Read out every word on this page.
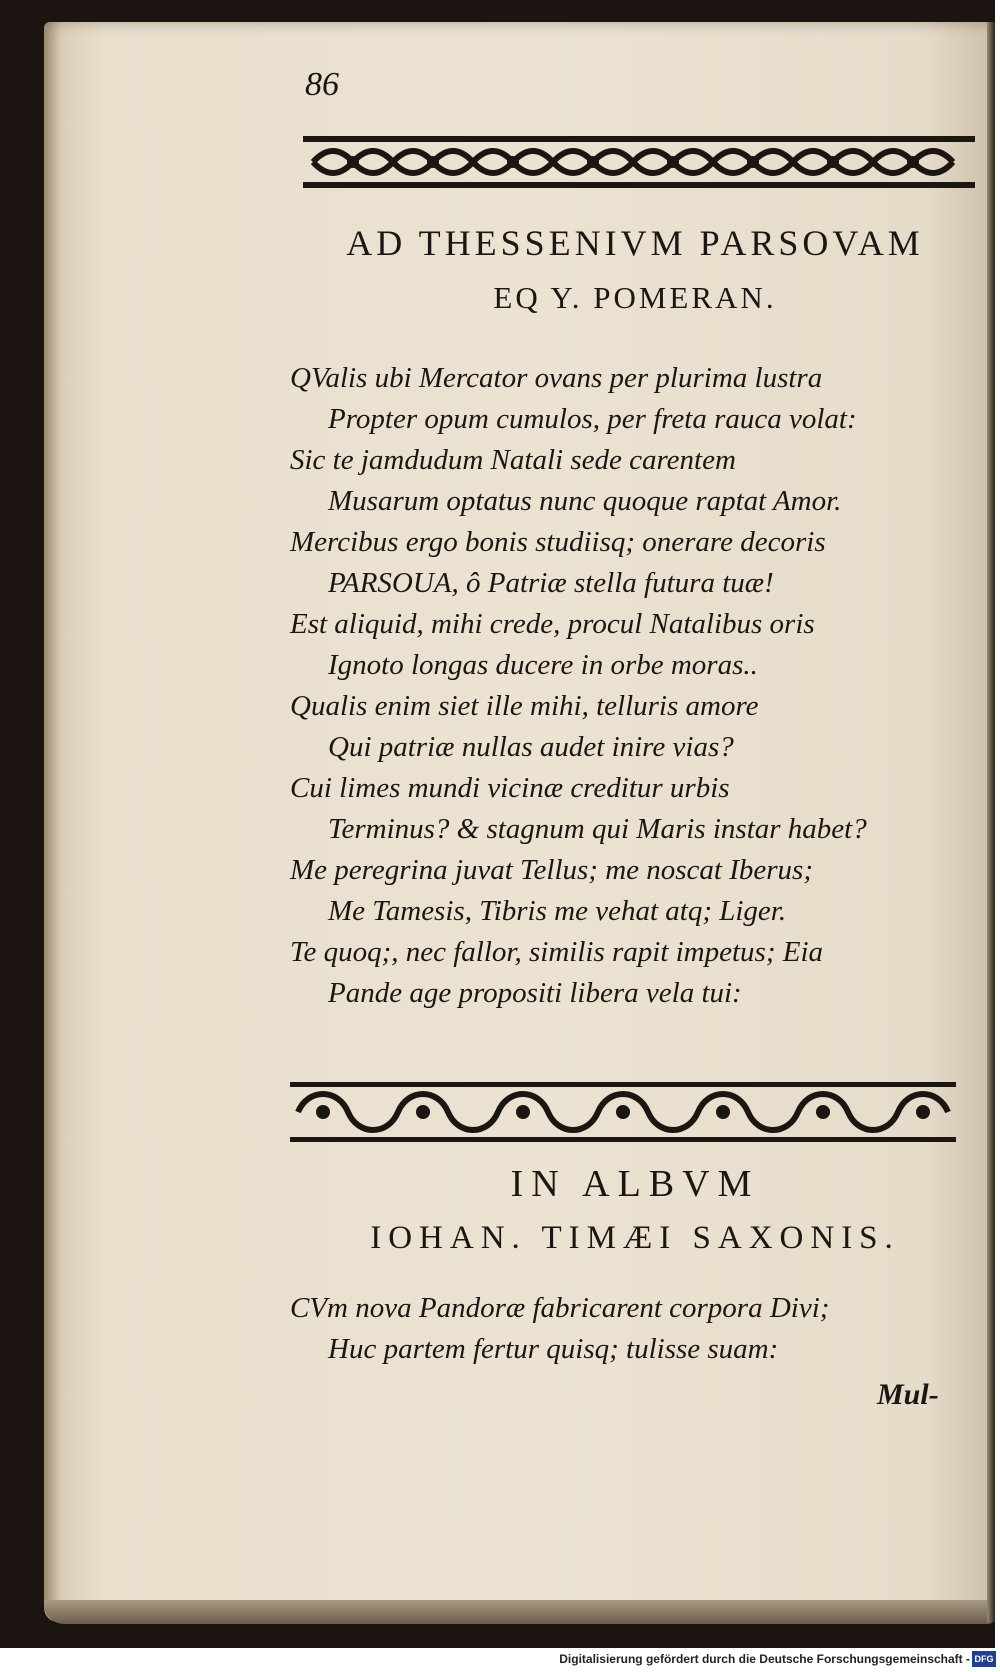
86
AD THESSENIVM PARSOVAM
EQ Y. POMERAN.
QValis ubi Mercator ovans per plurima lustra
Propter opum cumulos, per freta rauca volat:
Sic te jamdudum Natali sede carentem
Musarum optatus nunc quoque raptat Amor.
Mercibus ergo bonis studiisq; onerare decoris
PARSOUA, ô Patriæ stella futura tuæ!
Est aliquid, mihi crede, procul Natalibus oris
Ignoto longas ducere in orbe moras..
Qualis enim siet ille mihi, telluris amore
Qui patriæ nullas audet inire vias?
Cui limes mundi vicinæ creditur urbis
Terminus? & stagnum qui Maris instar habet?
Me peregrina juvat Tellus; me noscat Iberus;
Me Tamesis, Tibris me vehat atq; Liger.
Te quoq;, nec fallor, similis rapit impetus; Eia
Pande age propositi libera vela tui:
IN ALBVM
IOHAN. TIMÆI SAXONIS.
CVm nova Pandoræ fabricarent corpora Divi;
Huc partem fertur quisq; tulisse suam:
Mul-
Digitalisierung gefördert durch die Deutsche Forschungsgemeinschaft - DFG
